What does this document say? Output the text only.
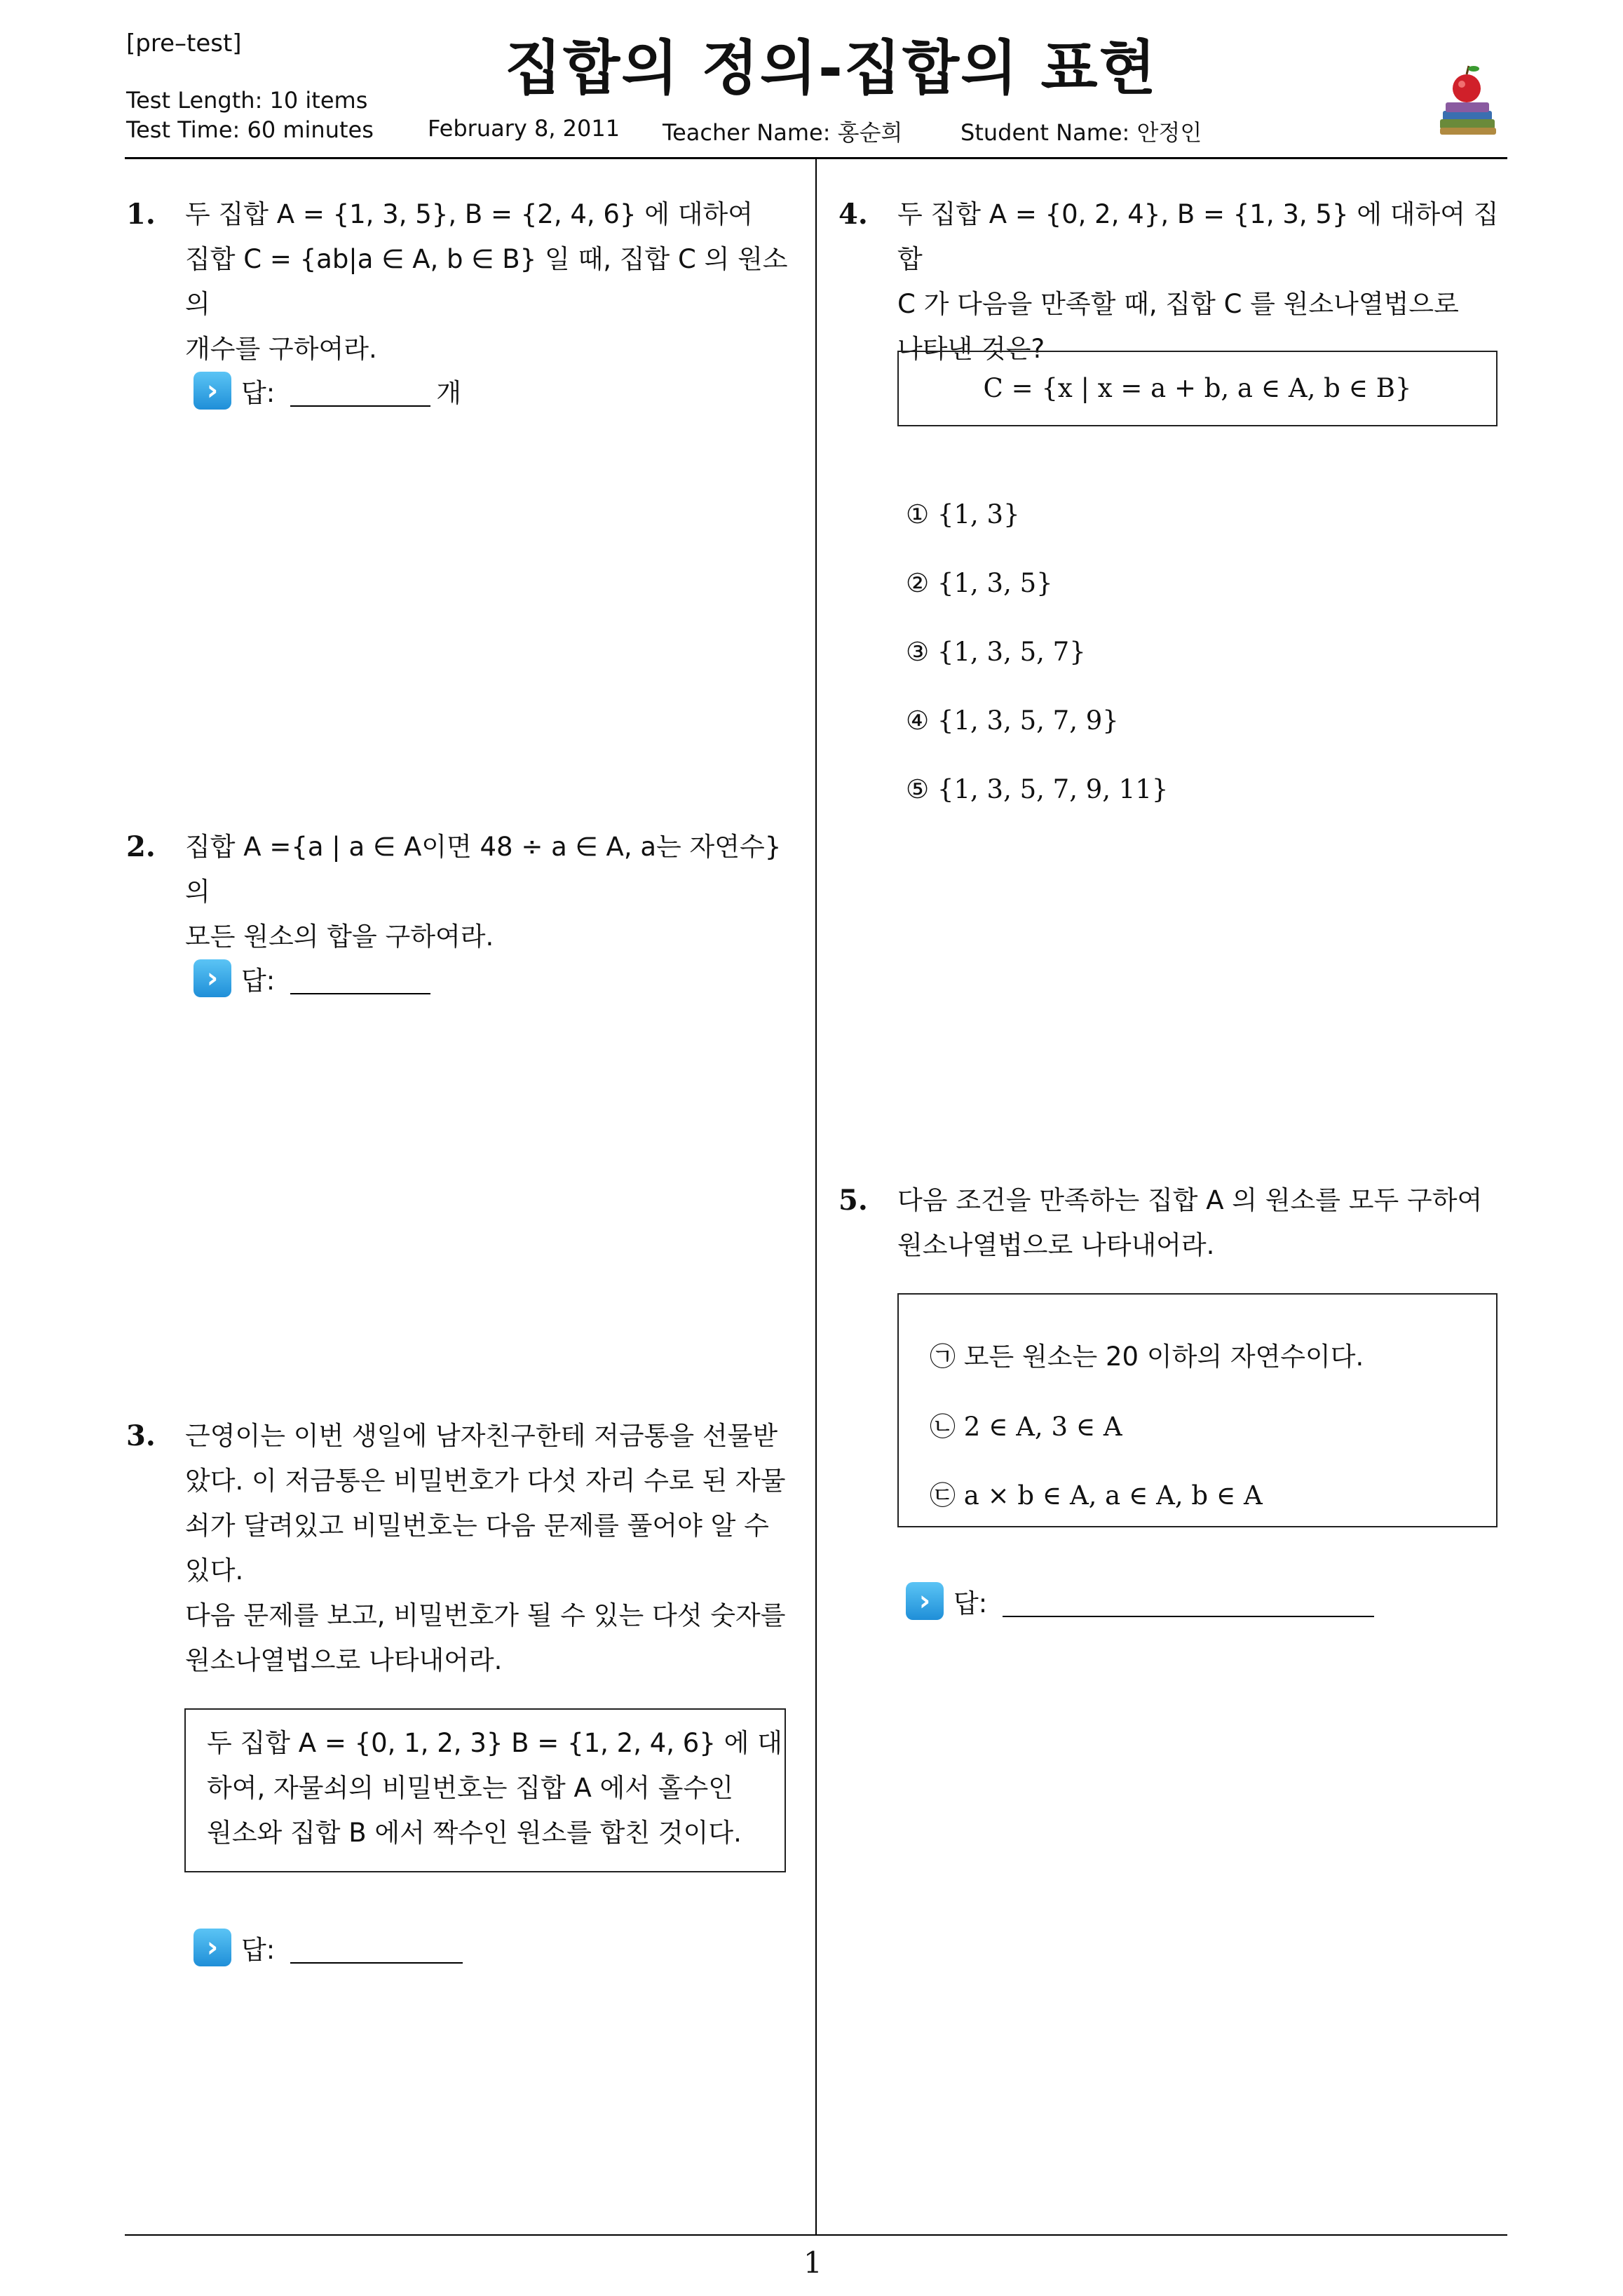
[pre–test]	집합의 정의-집합의 표현
Test Length: 10 items
Test Time: 60 minutes February 8, 2011 Teacher Name: 홍순희	Student Name: 안정인
1
1. 두 집합 A = {1, 3, 5}, B = {2, 4, 6} 에 대하여

집합 C = {ab|a ∈ A, b ∈ B} 일 때, 집합 C 의 원소의

개수를 구하여라.

› 답:	개
2. 집합 A ={a | a ∈ A이면 48 ÷ a ∈ A, a는 자연수} 의

모든 원소의 합을 구하여라.

› 답:
3. 근영이는 이번 생일에 남자친구한테 저금통을 선물받

았다. 이 저금통은 비밀번호가 다섯 자리 수로 된 자물

쇠가 달려있고 비밀번호는 다음 문제를 풀어야 알 수

있다.

다음 문제를 보고, 비밀번호가 될 수 있는 다섯 숫자를

원소나열법으로 나타내어라.

두 집합 A = {0, 1, 2, 3} B = {1, 2, 4, 6} 에 대

하여, 자물쇠의 비밀번호는 집합 A 에서 홀수인

원소와 집합 B 에서 짝수인 원소를 합친 것이다.

› 답:
4. 두 집합 A = {0, 2, 4}, B = {1, 3, 5} 에 대하여 집합

C 가 다음을 만족할 때, 집합 C 를 원소나열법으로

나타낸 것은?

C = {x | x = a + b, a ∈ A, b ∈ B}
① {1, 3}
② {1, 3, 5}
③ {1, 3, 5, 7}
④ {1, 3, 5, 7, 9}
⑤ {1, 3, 5, 7, 9, 11}
5. 다음 조건을 만족하는 집합 A 의 원소를 모두 구하여

원소나열법으로 나타내어라.

㉠ 모든 원소는 20 이하의 자연수이다.
㉡ 2 ∈ A, 3 ∈ A
㉢ a × b ∈ A, a ∈ A, b ∈ A
› 답:
